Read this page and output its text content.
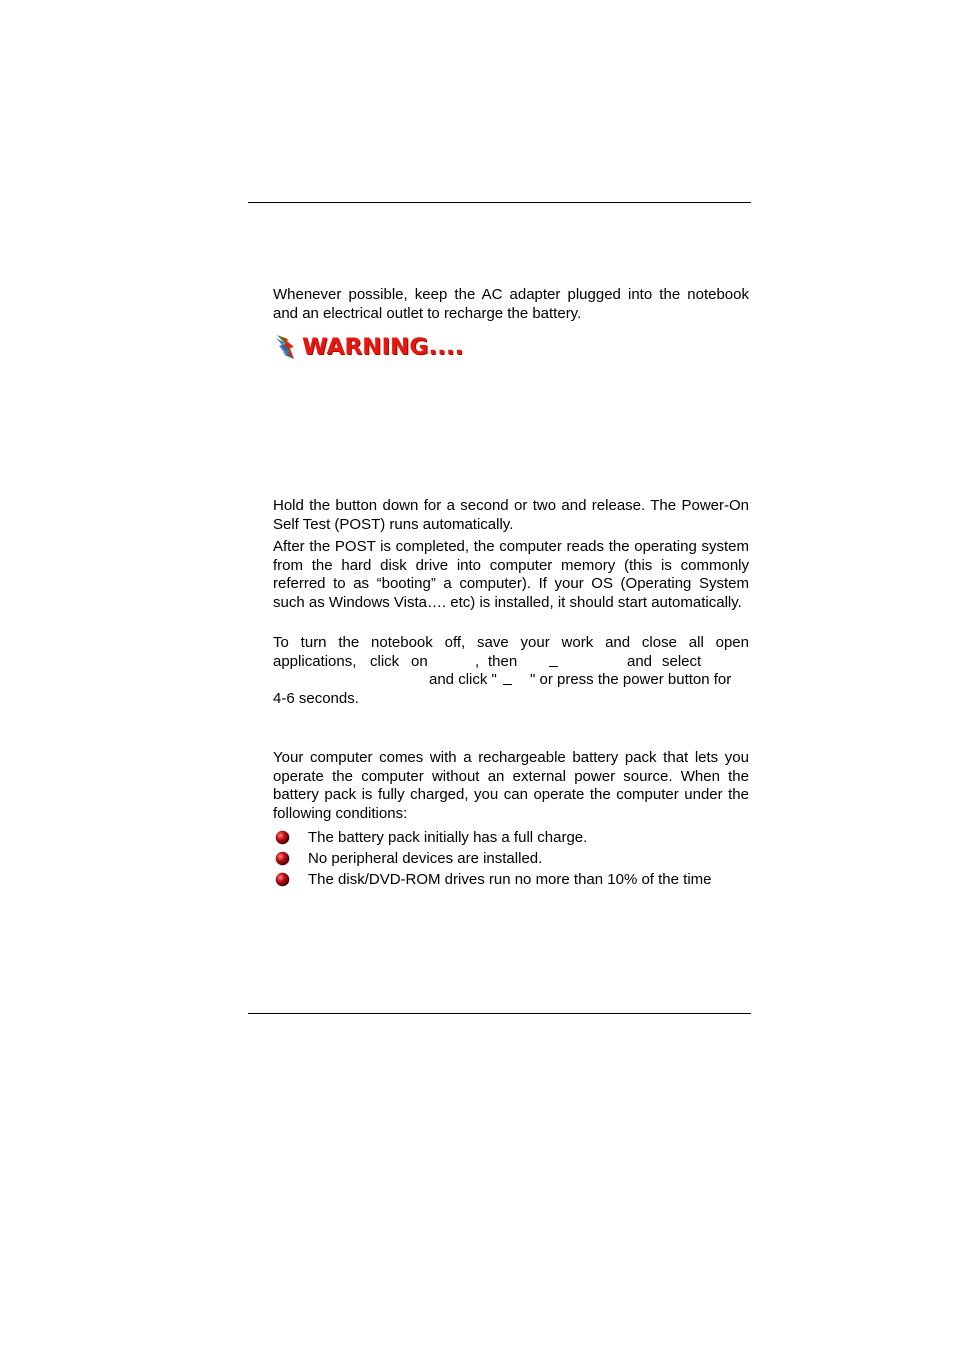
Whenever possible, keep the AC adapter plugged into the notebook and an electrical outlet to recharge the battery.

WARNING....

Hold the button down for a second or two and release. The Power-On Self Test (POST) runs automatically.

After the POST is completed, the computer reads the operating system from the hard disk drive into computer memory (this is commonly referred to as “booting” a computer). If your OS (Operating System such as Windows Vista…. etc) is installed, it should start automatically.

To turn the notebook off, save your work and close all open
applications, click on	, then	and select
and click " " or press the power button for
4-6 seconds.

Your computer comes with a rechargeable battery pack that lets you operate the computer without an external power source. When the battery pack is fully charged, you can operate the computer under the following conditions:

The battery pack initially has a full charge.
No peripheral devices are installed.
The disk/DVD-ROM drives run no more than 10% of the time
